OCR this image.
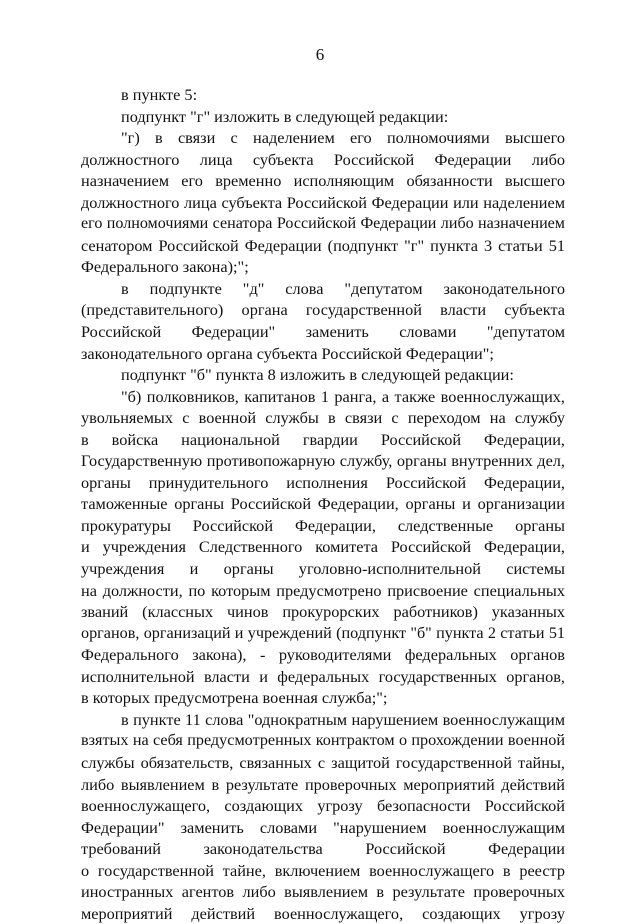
6
в пункте 5:
подпункт "г" изложить в следующей редакции:
"г) в связи с наделением его полномочиями высшего
должностного лица субъекта Российской Федерации либо
назначением его временно исполняющим обязанности высшего
должностного лица субъекта Российской Федерации или наделением
его полномочиями сенатора Российской Федерации либо назначением
сенатором Российской Федерации (подпункт "г" пункта 3 статьи 51
Федерального закона);";
в подпункте "д" слова "депутатом законодательного
(представительного) органа государственной власти субъекта
Российской Федерации" заменить словами "депутатом
законодательного органа субъекта Российской Федерации";
подпункт "б" пункта 8 изложить в следующей редакции:
"б) полковников, капитанов 1 ранга, а также военнослужащих,
увольняемых с военной службы в связи с переходом на службу
в войска национальной гвардии Российской Федерации,
Государственную противопожарную службу, органы внутренних дел,
органы принудительного исполнения Российской Федерации,
таможенные органы Российской Федерации, органы и организации
прокуратуры Российской Федерации, следственные органы
и учреждения Следственного комитета Российской Федерации,
учреждения и органы уголовно-исполнительной системы
на должности, по которым предусмотрено присвоение специальных
званий (классных чинов прокурорских работников) указанных
органов, организаций и учреждений (подпункт "б" пункта 2 статьи 51
Федерального закона), - руководителями федеральных органов
исполнительной власти и федеральных государственных органов,
в которых предусмотрена военная служба;";
в пункте 11 слова "однократным нарушением военнослужащим
взятых на себя предусмотренных контрактом о прохождении военной
службы обязательств, связанных с защитой государственной тайны,
либо выявлением в результате проверочных мероприятий действий
военнослужащего, создающих угрозу безопасности Российской
Федерации" заменить словами "нарушением военнослужащим
требований законодательства Российской Федерации
о государственной тайне, включением военнослужащего в реестр
иностранных агентов либо выявлением в результате проверочных
мероприятий действий военнослужащего, создающих угрозу
